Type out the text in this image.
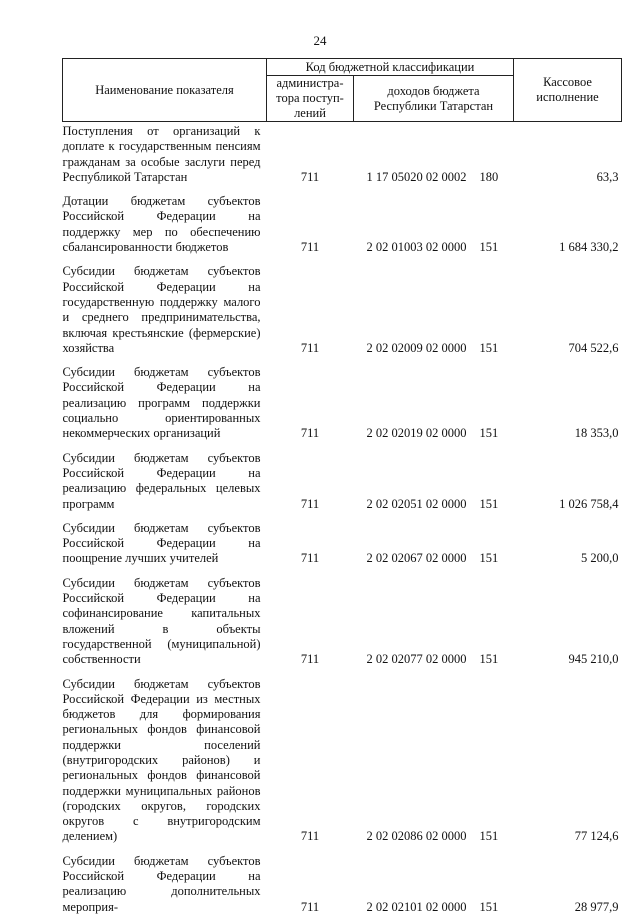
24
Наименование показателя	Код бюджетной классификации			Кассовое исполнение
	администра-тора поступ-лений	доходов бюджета Республики Татарстан		
Поступления от организаций к доплате к государственным пенсиям гражданам за особые заслуги перед Республикой Татарстан	711	1 17 05020 02 0002	180	63,3
Дотации бюджетам субъектов Российской Федерации на поддержку мер по обеспечению сбалансированности бюджетов	711	2 02 01003 02 0000	151	1 684 330,2
Субсидии бюджетам субъектов Российской Федерации на государственную поддержку малого и среднего предпринимательства, включая крестьянские (фермерские) хозяйства	711	2 02 02009 02 0000	151	704 522,6
Субсидии бюджетам субъектов Российской Федерации на реализацию программ поддержки социально ориентированных некоммерческих организаций	711	2 02 02019 02 0000	151	18 353,0
Субсидии бюджетам субъектов Российской Федерации на реализацию федеральных целевых программ	711	2 02 02051 02 0000	151	1 026 758,4
Субсидии бюджетам субъектов Российской Федерации на поощрение лучших учителей	711	2 02 02067 02 0000	151	5 200,0
Субсидии бюджетам субъектов Российской Федерации на софинансирование капитальных вложений в объекты государственной (муниципальной) собственности	711	2 02 02077 02 0000	151	945 210,0
Субсидии бюджетам субъектов Российской Федерации из местных бюджетов для формирования региональных фондов финансовой поддержки поселений (внутригородских районов) и региональных фондов финансовой поддержки муниципальных районов (городских округов, городских округов с внутригородским делением)	711	2 02 02086 02 0000	151	77 124,6
Субсидии бюджетам субъектов Российской Федерации на реализацию дополнительных мероприя-	711	2 02 02101 02 0000	151	28 977,9
